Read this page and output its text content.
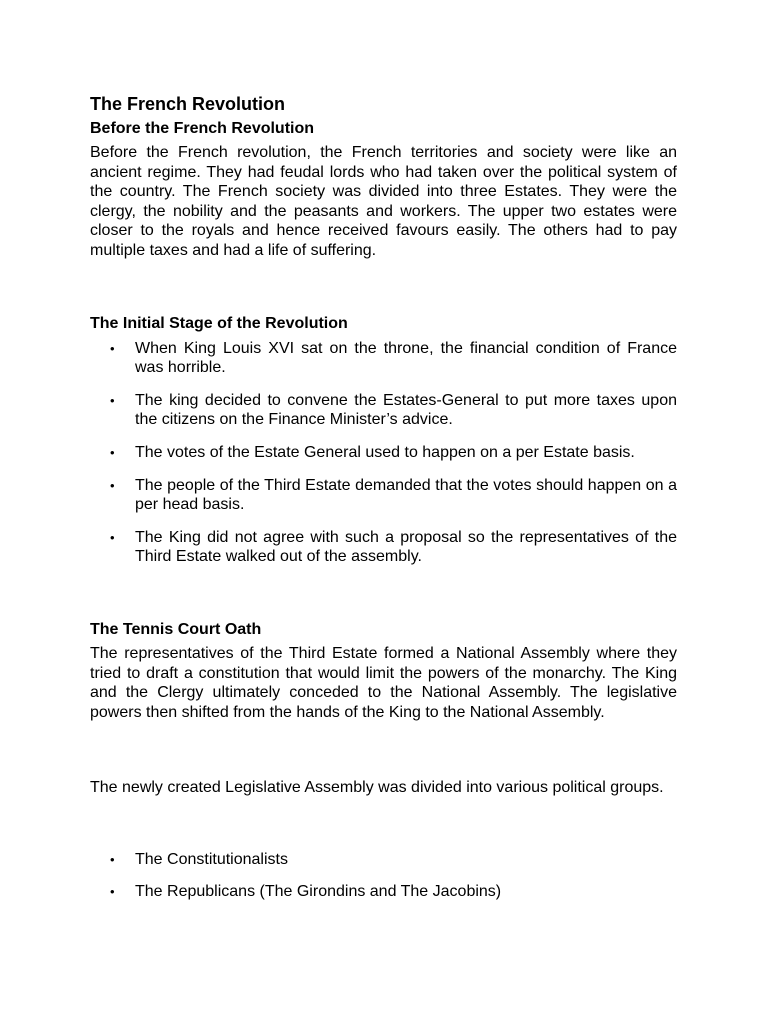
The French Revolution
Before the French Revolution

Before the French revolution, the French territories and society were like an ancient regime. They had feudal lords who had taken over the political system of the country. The French society was divided into three Estates. They were the clergy, the nobility and the peasants and workers. The upper two estates were closer to the royals and hence received favours easily. The others had to pay multiple taxes and had a life of suffering.

The Initial Stage of the Revolution
• When King Louis XVI sat on the throne, the financial condition of France was horrible.
• The king decided to convene the Estates-General to put more taxes upon the citizens on the Finance Minister’s advice.
• The votes of the Estate General used to happen on a per Estate basis.
• The people of the Third Estate demanded that the votes should happen on a per head basis.
• The King did not agree with such a proposal so the representatives of the Third Estate walked out of the assembly.
The Tennis Court Oath

The representatives of the Third Estate formed a National Assembly where they tried to draft a constitution that would limit the powers of the monarchy. The King and the Clergy ultimately conceded to the National Assembly. The legislative powers then shifted from the hands of the King to the National Assembly.

The newly created Legislative Assembly was divided into various political groups.

• The Constitutionalists
• The Republicans (The Girondins and The Jacobins)
